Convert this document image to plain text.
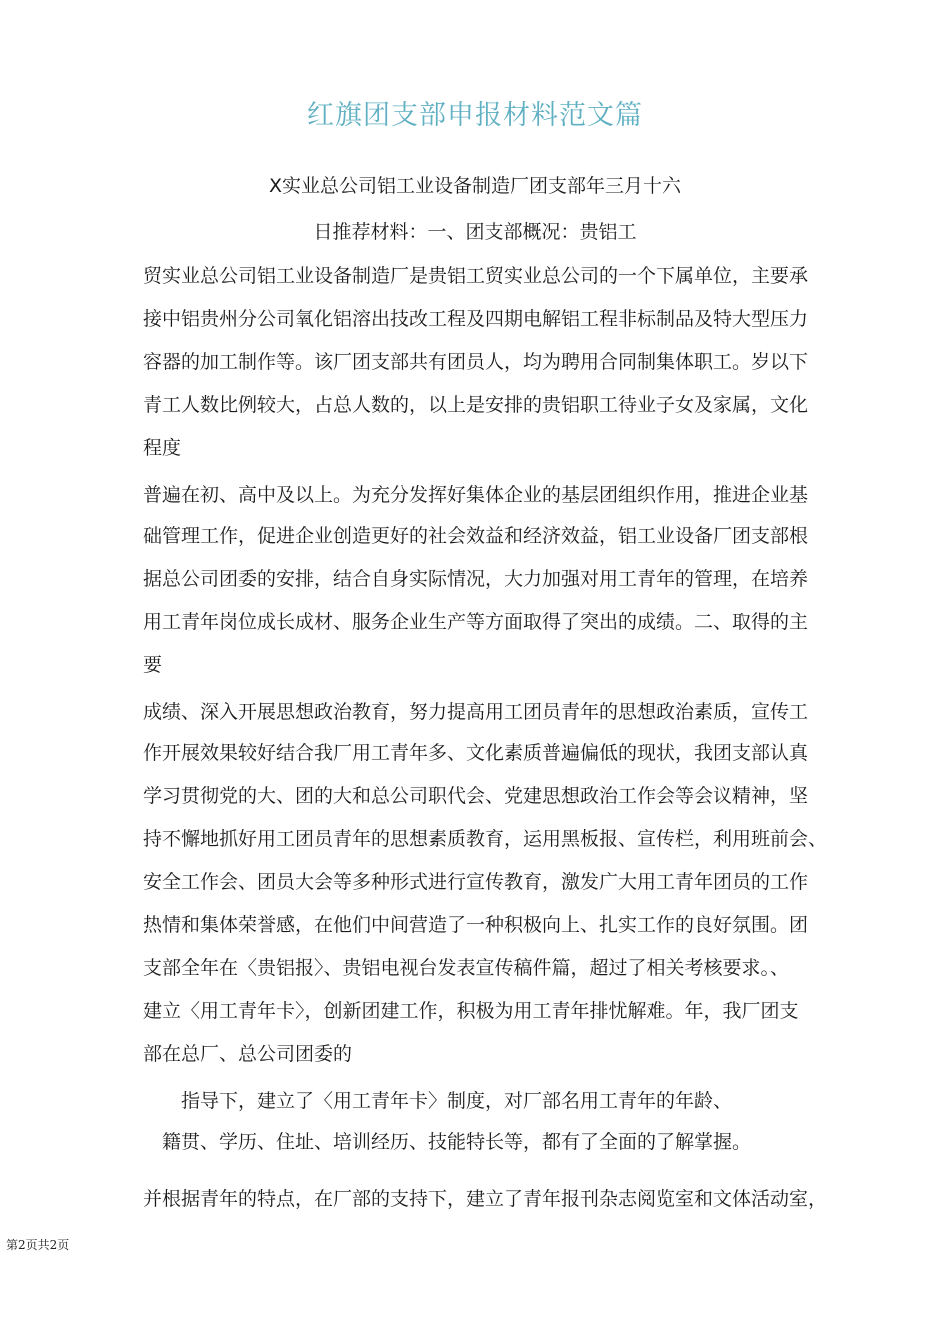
红旗团支部申报材料范文篇
X实业总公司铝工业设备制造厂团支部年三月十六
日推荐材料：一、团支部概况：贵铝工
贸实业总公司铝工业设备制造厂是贵铝工贸实业总公司的一个下属单位，主要承
接中铝贵州分公司氧化铝溶出技改工程及四期电解铝工程非标制品及特大型压力
容器的加工制作等。该厂团支部共有团员人，均为聘用合同制集体职工。岁以下
青工人数比例较大，占总人数的，以上是安排的贵铝职工待业子女及家属，文化
程度
普遍在初、高中及以上。为充分发挥好集体企业的基层团组织作用，推进企业基
础管理工作，促进企业创造更好的社会效益和经济效益，铝工业设备厂团支部根
据总公司团委的安排，结合自身实际情况，大力加强对用工青年的管理，在培养
用工青年岗位成长成材、服务企业生产等方面取得了突出的成绩。二、取得的主
要
成绩、深入开展思想政治教育，努力提高用工团员青年的思想政治素质，宣传工
作开展效果较好结合我厂用工青年多、文化素质普遍偏低的现状，我团支部认真
学习贯彻党的大、团的大和总公司职代会、党建思想政治工作会等会议精神，坚
持不懈地抓好用工团员青年的思想素质教育，运用黑板报、宣传栏，利用班前会、
安全工作会、团员大会等多种形式进行宣传教育，激发广大用工青年团员的工作
热情和集体荣誉感，在他们中间营造了一种积极向上、扎实工作的良好氛围。团
支部全年在〈贵铝报〉、贵铝电视台发表宣传稿件篇，超过了相关考核要求。、
建立〈用工青年卡〉，创新团建工作，积极为用工青年排忧解难。年，我厂团支
部在总厂、总公司团委的
指导下，建立了〈用工青年卡〉制度，对厂部名用工青年的年龄、
籍贯、学历、住址、培训经历、技能特长等，都有了全面的了解掌握。
并根据青年的特点，在厂部的支持下，建立了青年报刊杂志阅览室和文体活动室，
第2页共2页
